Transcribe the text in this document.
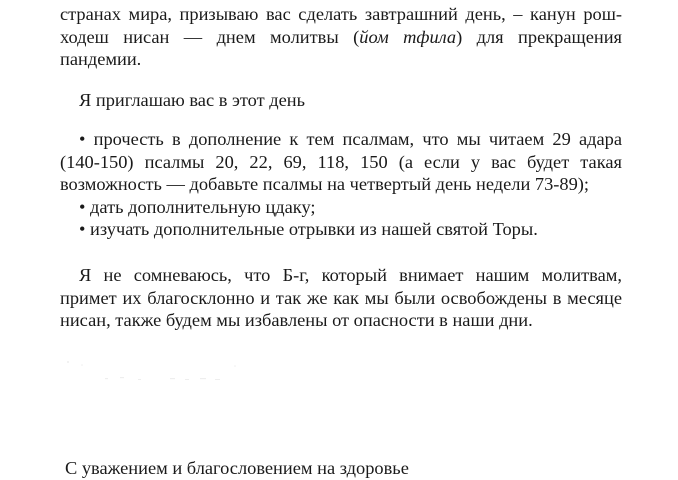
странах мира, призываю вас сделать завтрашний день, – канун рош-
ходеш нисан — днем молитвы (йом тфила) для прекращения
пандемии.
Я приглашаю вас в этот день
• прочесть в дополнение к тем псалмам, что мы читаем 29 адара
(140-150) псалмы 20, 22, 69, 118, 150 (а если у вас будет такая
возможность — добавьте псалмы на четвертый день недели 73-89);
• дать дополнительную цдаку;
• изучать дополнительные отрывки из нашей святой Торы.
Я не сомневаюсь, что Б-г, который внимает нашим молитвам,
примет их благосклонно и так же как мы были освобождены в месяце
нисан, также будем мы избавлены от опасности в наши дни.

С уважением и благословением на здоровье
